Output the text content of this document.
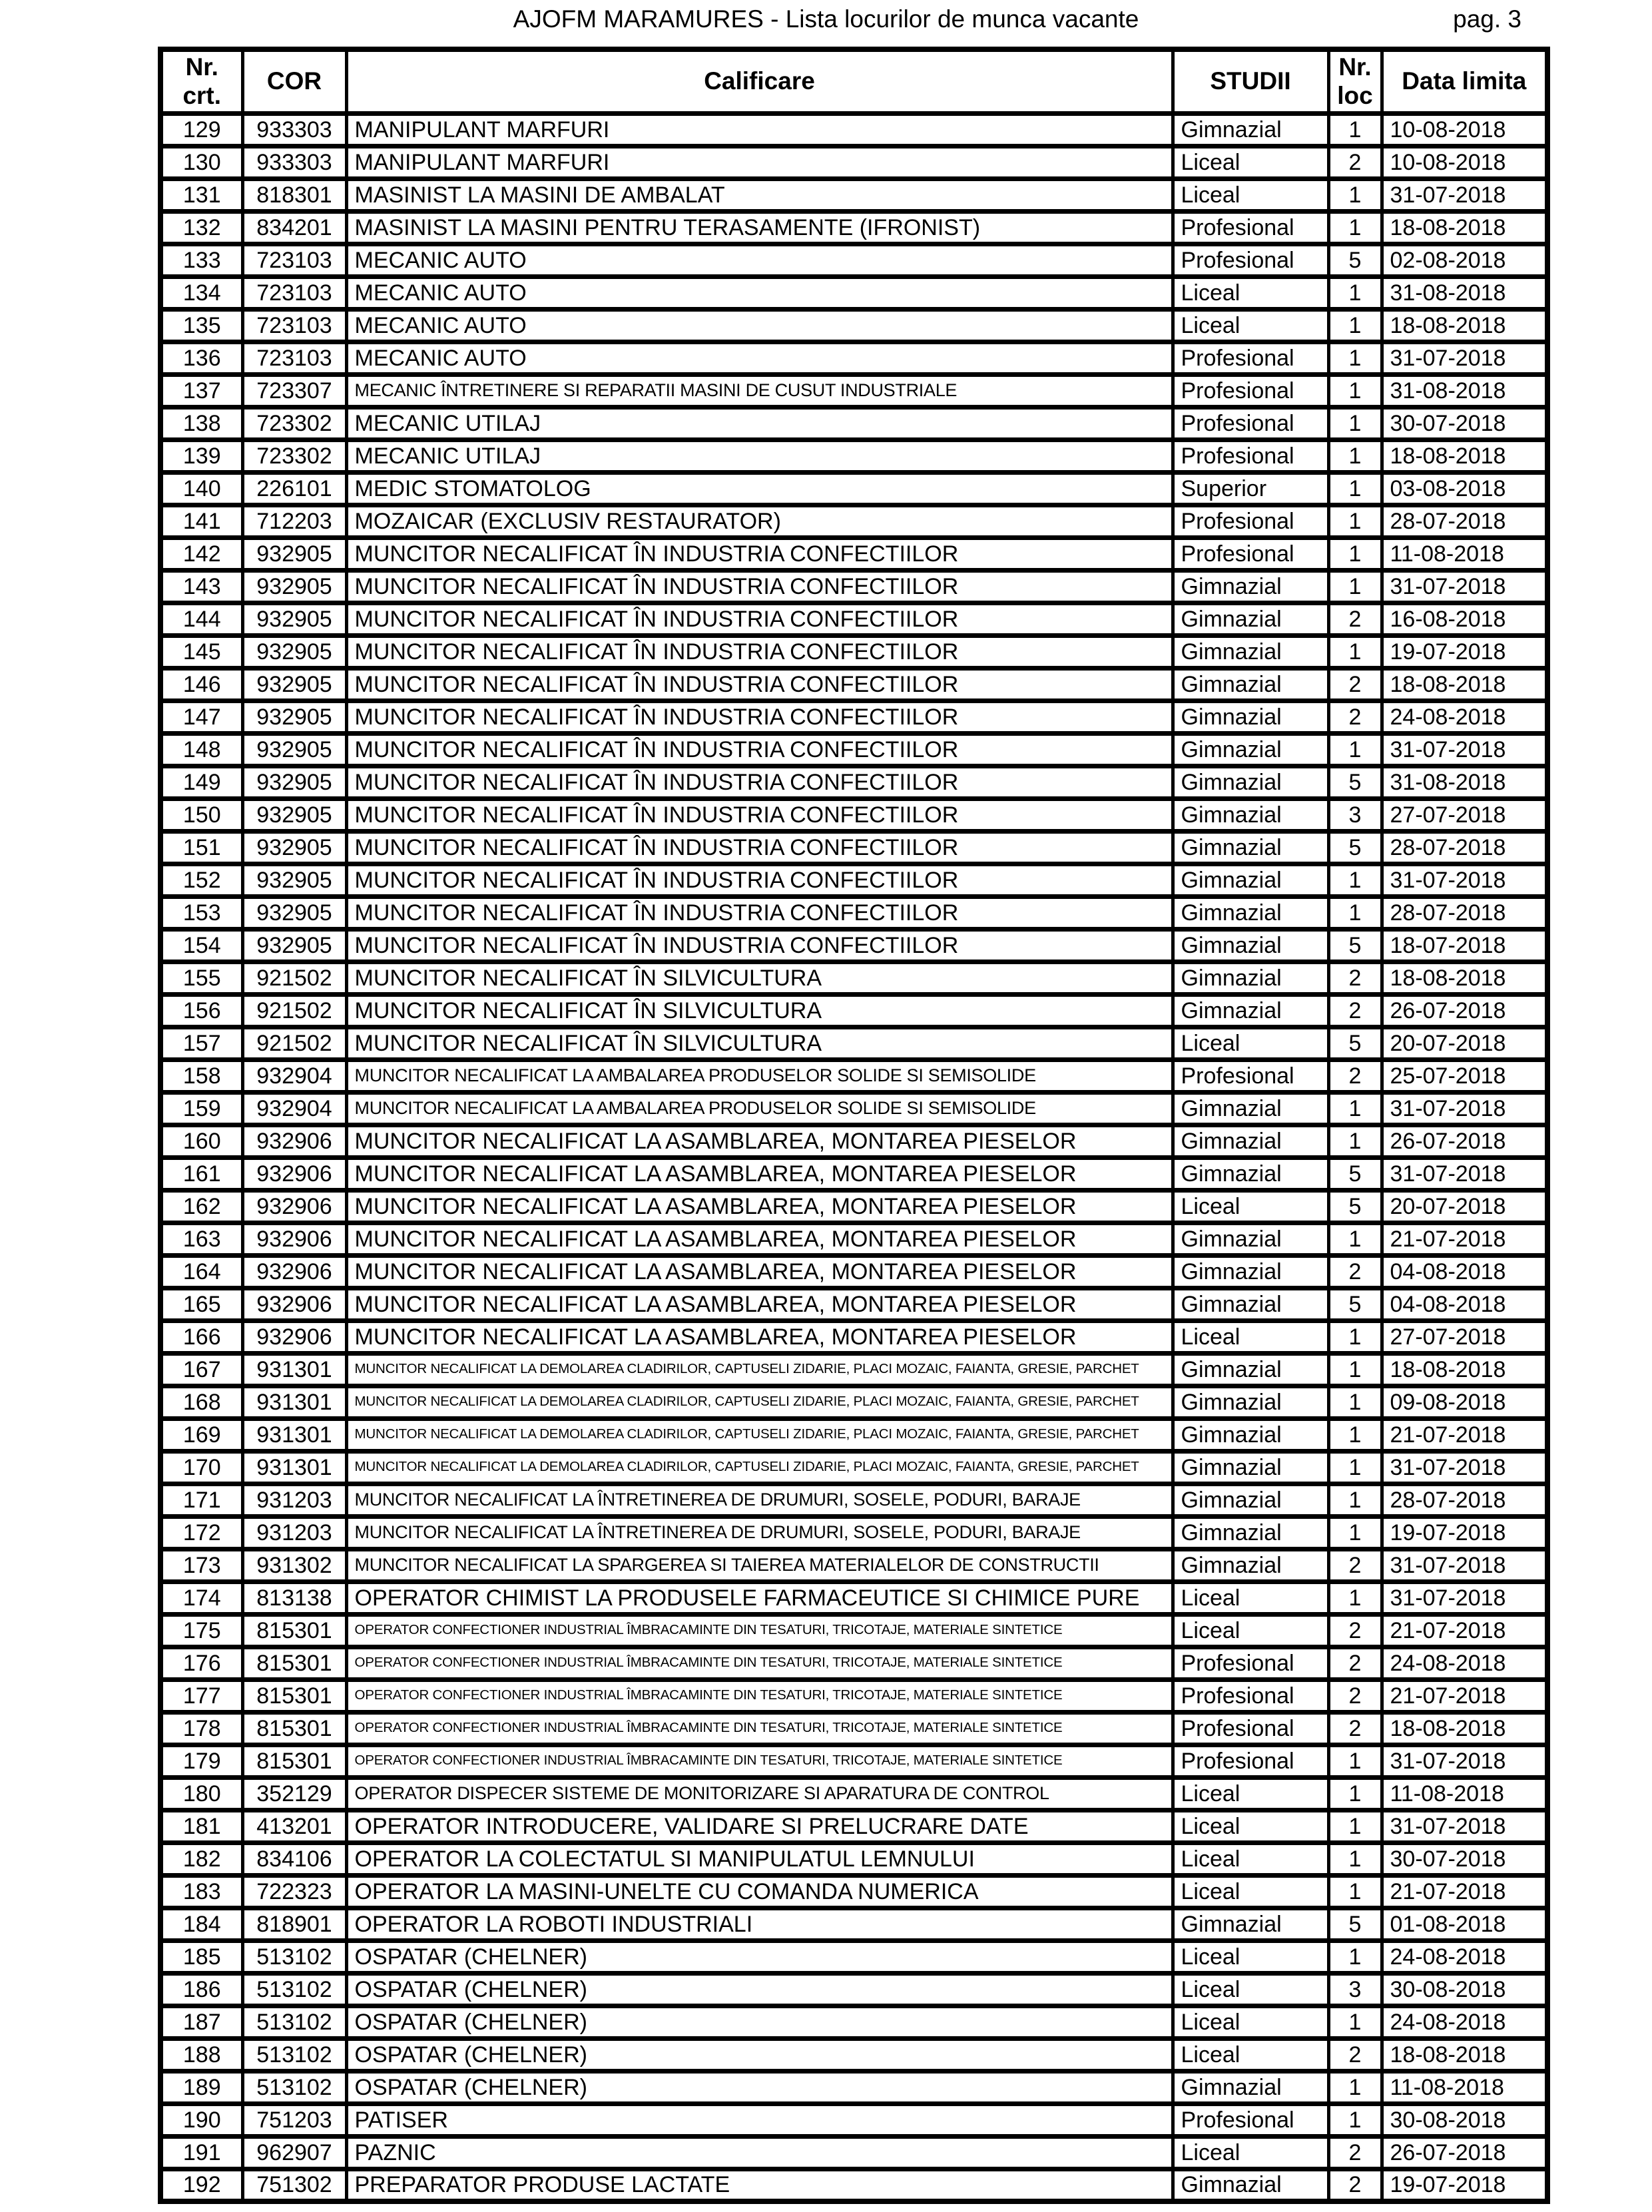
AJOFM MARAMURES - Lista locurilor de munca vacante	pag. 3
Nr.
crt.	COR	Calificare	STUDII	Nr.
loc	Data limita
129	933303	MANIPULANT MARFURI	Gimnazial	1	10-08-2018
130	933303	MANIPULANT MARFURI	Liceal	2	10-08-2018
131	818301	MASINIST LA MASINI DE AMBALAT	Liceal	1	31-07-2018
132	834201	MASINIST LA MASINI PENTRU TERASAMENTE (IFRONIST)	Profesional	1	18-08-2018
133	723103	MECANIC AUTO	Profesional	5	02-08-2018
134	723103	MECANIC AUTO	Liceal	1	31-08-2018
135	723103	MECANIC AUTO	Liceal	1	18-08-2018
136	723103	MECANIC AUTO	Profesional	1	31-07-2018
137	723307	MECANIC ÎNTRETINERE SI REPARATII MASINI DE CUSUT INDUSTRIALE	Profesional	1	31-08-2018
138	723302	MECANIC UTILAJ	Profesional	1	30-07-2018
139	723302	MECANIC UTILAJ	Profesional	1	18-08-2018
140	226101	MEDIC STOMATOLOG	Superior	1	03-08-2018
141	712203	MOZAICAR (EXCLUSIV RESTAURATOR)	Profesional	1	28-07-2018
142	932905	MUNCITOR NECALIFICAT ÎN INDUSTRIA CONFECTIILOR	Profesional	1	11-08-2018
143	932905	MUNCITOR NECALIFICAT ÎN INDUSTRIA CONFECTIILOR	Gimnazial	1	31-07-2018
144	932905	MUNCITOR NECALIFICAT ÎN INDUSTRIA CONFECTIILOR	Gimnazial	2	16-08-2018
145	932905	MUNCITOR NECALIFICAT ÎN INDUSTRIA CONFECTIILOR	Gimnazial	1	19-07-2018
146	932905	MUNCITOR NECALIFICAT ÎN INDUSTRIA CONFECTIILOR	Gimnazial	2	18-08-2018
147	932905	MUNCITOR NECALIFICAT ÎN INDUSTRIA CONFECTIILOR	Gimnazial	2	24-08-2018
148	932905	MUNCITOR NECALIFICAT ÎN INDUSTRIA CONFECTIILOR	Gimnazial	1	31-07-2018
149	932905	MUNCITOR NECALIFICAT ÎN INDUSTRIA CONFECTIILOR	Gimnazial	5	31-08-2018
150	932905	MUNCITOR NECALIFICAT ÎN INDUSTRIA CONFECTIILOR	Gimnazial	3	27-07-2018
151	932905	MUNCITOR NECALIFICAT ÎN INDUSTRIA CONFECTIILOR	Gimnazial	5	28-07-2018
152	932905	MUNCITOR NECALIFICAT ÎN INDUSTRIA CONFECTIILOR	Gimnazial	1	31-07-2018
153	932905	MUNCITOR NECALIFICAT ÎN INDUSTRIA CONFECTIILOR	Gimnazial	1	28-07-2018
154	932905	MUNCITOR NECALIFICAT ÎN INDUSTRIA CONFECTIILOR	Gimnazial	5	18-07-2018
155	921502	MUNCITOR NECALIFICAT ÎN SILVICULTURA	Gimnazial	2	18-08-2018
156	921502	MUNCITOR NECALIFICAT ÎN SILVICULTURA	Gimnazial	2	26-07-2018
157	921502	MUNCITOR NECALIFICAT ÎN SILVICULTURA	Liceal	5	20-07-2018
158	932904	MUNCITOR NECALIFICAT LA AMBALAREA PRODUSELOR SOLIDE SI SEMISOLIDE	Profesional	2	25-07-2018
159	932904	MUNCITOR NECALIFICAT LA AMBALAREA PRODUSELOR SOLIDE SI SEMISOLIDE	Gimnazial	1	31-07-2018
160	932906	MUNCITOR NECALIFICAT LA ASAMBLAREA, MONTAREA PIESELOR	Gimnazial	1	26-07-2018
161	932906	MUNCITOR NECALIFICAT LA ASAMBLAREA, MONTAREA PIESELOR	Gimnazial	5	31-07-2018
162	932906	MUNCITOR NECALIFICAT LA ASAMBLAREA, MONTAREA PIESELOR	Liceal	5	20-07-2018
163	932906	MUNCITOR NECALIFICAT LA ASAMBLAREA, MONTAREA PIESELOR	Gimnazial	1	21-07-2018
164	932906	MUNCITOR NECALIFICAT LA ASAMBLAREA, MONTAREA PIESELOR	Gimnazial	2	04-08-2018
165	932906	MUNCITOR NECALIFICAT LA ASAMBLAREA, MONTAREA PIESELOR	Gimnazial	5	04-08-2018
166	932906	MUNCITOR NECALIFICAT LA ASAMBLAREA, MONTAREA PIESELOR	Liceal	1	27-07-2018
167	931301	MUNCITOR NECALIFICAT LA DEMOLAREA CLADIRILOR, CAPTUSELI ZIDARIE, PLACI MOZAIC, FAIANTA, GRESIE, PARCHET	Gimnazial	1	18-08-2018
168	931301	MUNCITOR NECALIFICAT LA DEMOLAREA CLADIRILOR, CAPTUSELI ZIDARIE, PLACI MOZAIC, FAIANTA, GRESIE, PARCHET	Gimnazial	1	09-08-2018
169	931301	MUNCITOR NECALIFICAT LA DEMOLAREA CLADIRILOR, CAPTUSELI ZIDARIE, PLACI MOZAIC, FAIANTA, GRESIE, PARCHET	Gimnazial	1	21-07-2018
170	931301	MUNCITOR NECALIFICAT LA DEMOLAREA CLADIRILOR, CAPTUSELI ZIDARIE, PLACI MOZAIC, FAIANTA, GRESIE, PARCHET	Gimnazial	1	31-07-2018
171	931203	MUNCITOR NECALIFICAT LA ÎNTRETINEREA DE DRUMURI, SOSELE, PODURI, BARAJE	Gimnazial	1	28-07-2018
172	931203	MUNCITOR NECALIFICAT LA ÎNTRETINEREA DE DRUMURI, SOSELE, PODURI, BARAJE	Gimnazial	1	19-07-2018
173	931302	MUNCITOR NECALIFICAT LA SPARGEREA SI TAIEREA MATERIALELOR DE CONSTRUCTII	Gimnazial	2	31-07-2018
174	813138	OPERATOR CHIMIST LA PRODUSELE FARMACEUTICE SI CHIMICE PURE	Liceal	1	31-07-2018
175	815301	OPERATOR CONFECTIONER INDUSTRIAL ÎMBRACAMINTE DIN TESATURI, TRICOTAJE, MATERIALE SINTETICE	Liceal	2	21-07-2018
176	815301	OPERATOR CONFECTIONER INDUSTRIAL ÎMBRACAMINTE DIN TESATURI, TRICOTAJE, MATERIALE SINTETICE	Profesional	2	24-08-2018
177	815301	OPERATOR CONFECTIONER INDUSTRIAL ÎMBRACAMINTE DIN TESATURI, TRICOTAJE, MATERIALE SINTETICE	Profesional	2	21-07-2018
178	815301	OPERATOR CONFECTIONER INDUSTRIAL ÎMBRACAMINTE DIN TESATURI, TRICOTAJE, MATERIALE SINTETICE	Profesional	2	18-08-2018
179	815301	OPERATOR CONFECTIONER INDUSTRIAL ÎMBRACAMINTE DIN TESATURI, TRICOTAJE, MATERIALE SINTETICE	Profesional	1	31-07-2018
180	352129	OPERATOR DISPECER SISTEME DE MONITORIZARE SI APARATURA DE CONTROL	Liceal	1	11-08-2018
181	413201	OPERATOR INTRODUCERE, VALIDARE SI PRELUCRARE DATE	Liceal	1	31-07-2018
182	834106	OPERATOR LA COLECTATUL SI MANIPULATUL LEMNULUI	Liceal	1	30-07-2018
183	722323	OPERATOR LA MASINI-UNELTE CU COMANDA NUMERICA	Liceal	1	21-07-2018
184	818901	OPERATOR LA ROBOTI INDUSTRIALI	Gimnazial	5	01-08-2018
185	513102	OSPATAR (CHELNER)	Liceal	1	24-08-2018
186	513102	OSPATAR (CHELNER)	Liceal	3	30-08-2018
187	513102	OSPATAR (CHELNER)	Liceal	1	24-08-2018
188	513102	OSPATAR (CHELNER)	Liceal	2	18-08-2018
189	513102	OSPATAR (CHELNER)	Gimnazial	1	11-08-2018
190	751203	PATISER	Profesional	1	30-08-2018
191	962907	PAZNIC	Liceal	2	26-07-2018
192	751302	PREPARATOR PRODUSE LACTATE	Gimnazial	2	19-07-2018
